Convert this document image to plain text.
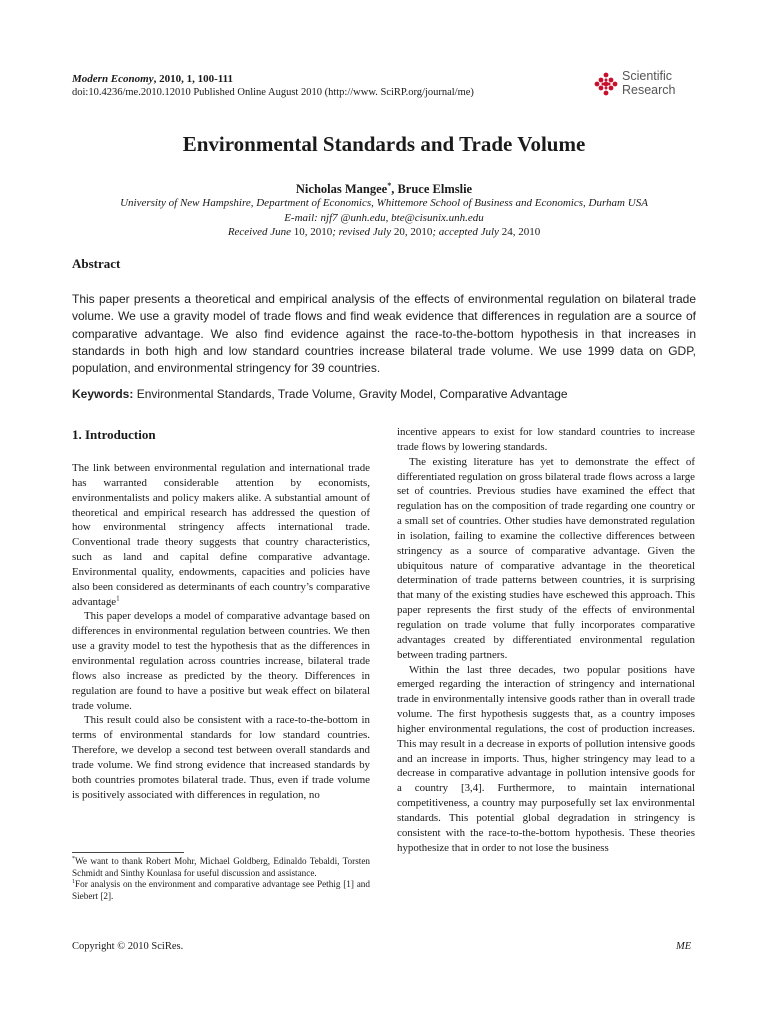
Modern Economy, 2010, 1, 100-111
doi:10.4236/me.2010.12010 Published Online August 2010 (http://www. SciRP.org/journal/me)
Scientific
Research
Environmental Standards and Trade Volume
Nicholas Mangee*, Bruce Elmslie
University of New Hampshire, Department of Economics, Whittemore School of Business and Economics, Durham USA
E-mail: njf7 @unh.edu, bte@cisunix.unh.edu
Received June 10, 2010; revised July 20, 2010; accepted July 24, 2010
Abstract
This paper presents a theoretical and empirical analysis of the effects of environmental regulation on bilateral trade volume. We use a gravity model of trade flows and find weak evidence that differences in regulation are a source of comparative advantage. We also find evidence against the race-to-the-bottom hypothesis in that increases in standards in both high and low standard countries increase bilateral trade volume. We use 1999 data on GDP, population, and environmental stringency for 39 countries.
Keywords: Environmental Standards, Trade Volume, Gravity Model, Comparative Advantage
1. Introduction

The link between environmental regulation and international trade has warranted considerable attention by economists, environmentalists and policy makers alike. A substantial amount of theoretical and empirical research has addressed the question of how environmental stringency affects international trade. Conventional trade theory suggests that country characteristics, such as land and capital define comparative advantage. Environmental quality, endowments, capacities and policies have also been considered as determinants of each country’s comparative advantage$^1$

This paper develops a model of comparative advantage based on differences in environmental regulation between countries. We then use a gravity model to test the hypothesis that as the differences in environmental regulation across countries increase, bilateral trade flows also increase as predicted by the theory. Differences in regulation are found to have a positive but weak effect on bilateral trade volume.

This result could also be consistent with a race-to-the-bottom in terms of environmental standards for low standard countries. Therefore, we develop a second test between overall standards and trade volume. We find strong evidence that increased standards by both countries promotes bilateral trade. Thus, even if trade volume is positively associated with differences in regulation, no

incentive appears to exist for low standard countries to increase trade flows by lowering standards.

The existing literature has yet to demonstrate the effect of differentiated regulation on gross bilateral trade flows across a large set of countries. Previous studies have examined the effect that regulation has on the composition of trade regarding one country or a small set of countries. Other studies have demonstrated regulation in isolation, failing to examine the collective differences between stringency as a source of comparative advantage. Given the ubiquitous nature of comparative advantage in the theoretical determination of trade patterns between countries, it is surprising that many of the existing studies have eschewed this approach. This paper represents the first study of the effects of environmental regulation on trade volume that fully incorporates comparative advantages created by differentiated environmental regulation between trading partners.

Within the last three decades, two popular positions have emerged regarding the interaction of stringency and international trade in environmentally intensive goods rather than in overall trade volume. The first hypothesis suggests that, as a country imposes higher environmental regulations, the cost of production increases. This may result in a decrease in exports of pollution intensive goods and an increase in imports. Thus, higher stringency may lead to a decrease in comparative advantage in pollution intensive goods for a country [3,4]. Furthermore, to maintain international competitiveness, a country may purposefully set lax environmental standards. This potential global degradation in stringency is consistent with the race-to-the-bottom hypothesis. These theories hypothesize that in order to not lose the business

*We want to thank Robert Mohr, Michael Goldberg, Edinaldo Tebaldi, Torsten Schmidt and Sinthy Kounlasa for useful discussion and assistance.

$^1$For analysis on the environment and comparative advantage see Pethig [1] and Siebert [2].

Copyright © 2010 SciRes.	ME
